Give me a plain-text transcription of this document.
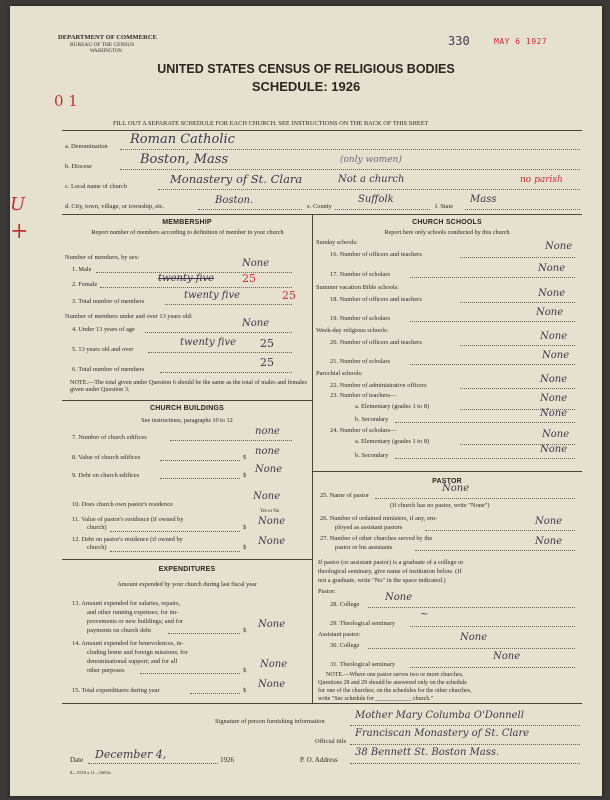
DEPARTMENT OF COMMERCE
BUREAU OF THE CENSUS
WASHINGTON
330	MAY 6 1927
UNITED STATES CENSUS OF RELIGIOUS BODIES
SCHEDULE: 1926
0 1
FILL OUT A SEPARATE SCHEDULE FOR EACH CHURCH. SEE INSTRUCTIONS ON THE BACK OF THIS SHEET
U
+
a. Denomination Roman Catholic
b. Diocese	Boston, Mass	(only women)
c. Local name of church
Monastery of St. Clara	Not a church	no parish
d. City, town, village, or township, etc.
Boston.
e. County
Suffolk
f. State
Mass
MEMBERSHIP
Report number of members according to definition of member in your church
Number of members, by sex:
1. Male
None
2. Female
twenty five	25
3. Total number of members
twenty five	25
Number of members under and over 13 years old:
4. Under 13 years of age
None
5. 13 years old and over
twenty five 25
6. Total number of members
25
NOTE.—The total given under Question 6 should be the same as the total of males and females given under Question 3.
CHURCH BUILDINGS
See instructions, paragraphs 10 to 12
7. Number of church edifices
none
8. Value of church edifices	$
none
9. Debt on church edifices	$
None
10. Does church own pastor's residence
None
Yes or No
11. Value of pastor's residence (if owned by
church)	$
None
12. Debt on pastor's residence (if owned by
church)	$
None
EXPENDITURES
Amount expended by your church during last fiscal year
13. Amount expended for salaries, repairs,
and other running expenses; for im-
provements or new buildings; and for
payments on church debt	$
None
14. Amount expended for benevolences, in-
cluding home and foreign missions; for
denominational support; and for all
other purposes	$
None
15. Total expenditures during year	$
None
CHURCH SCHOOLS
Report here only schools conducted by this church
Sunday schools:
16. Number of officers and teachers
None
17. Number of scholars
None
Summer vacation Bible schools:
18. Number of officers and teachers
None
19. Number of scholars
None
Week-day religious schools:
20. Number of officers and teachers
None
21. Number of scholars
None
Parochial schools:
22. Number of administrative officers
None
23. Number of teachers—
a. Elementary (grades 1 to 8)
None
b. Secondary
None
24. Number of scholars—
a. Elementary (grades 1 to 8)
None
b. Secondary
None
PASTOR
25. Name of pastor
None
(If church has no pastor, write "None")
26. Number of ordained ministers, if any, em-
ployed as assistant pastors
None
27. Number of other churches served by the
pastor or his assistants
None
If pastor (or assistant pastor) is a graduate of a college or
theological seminary, give name of institution below. (If
not a graduate, write "No" in the space indicated.)
Pastor:
28. College
None
29. Theological seminary
~
Assistant pastor:
30. College
None
31. Theological seminary
None
NOTE.—Where one pastor serves two or more churches,
Questions 28 and 29 should be answered only on the schedule
for one of the churches; on the schedules for the other churches,
write "See schedule for ____________ church."
Signature of person furnishing information
Mother Mary Columba O'Donnell
Official title
Franciscan Monastery of St. Clare
Date December 4,	1926
8—5518 a 11—9654a
P. O. Address
38 Bennett St. Boston Mass.
